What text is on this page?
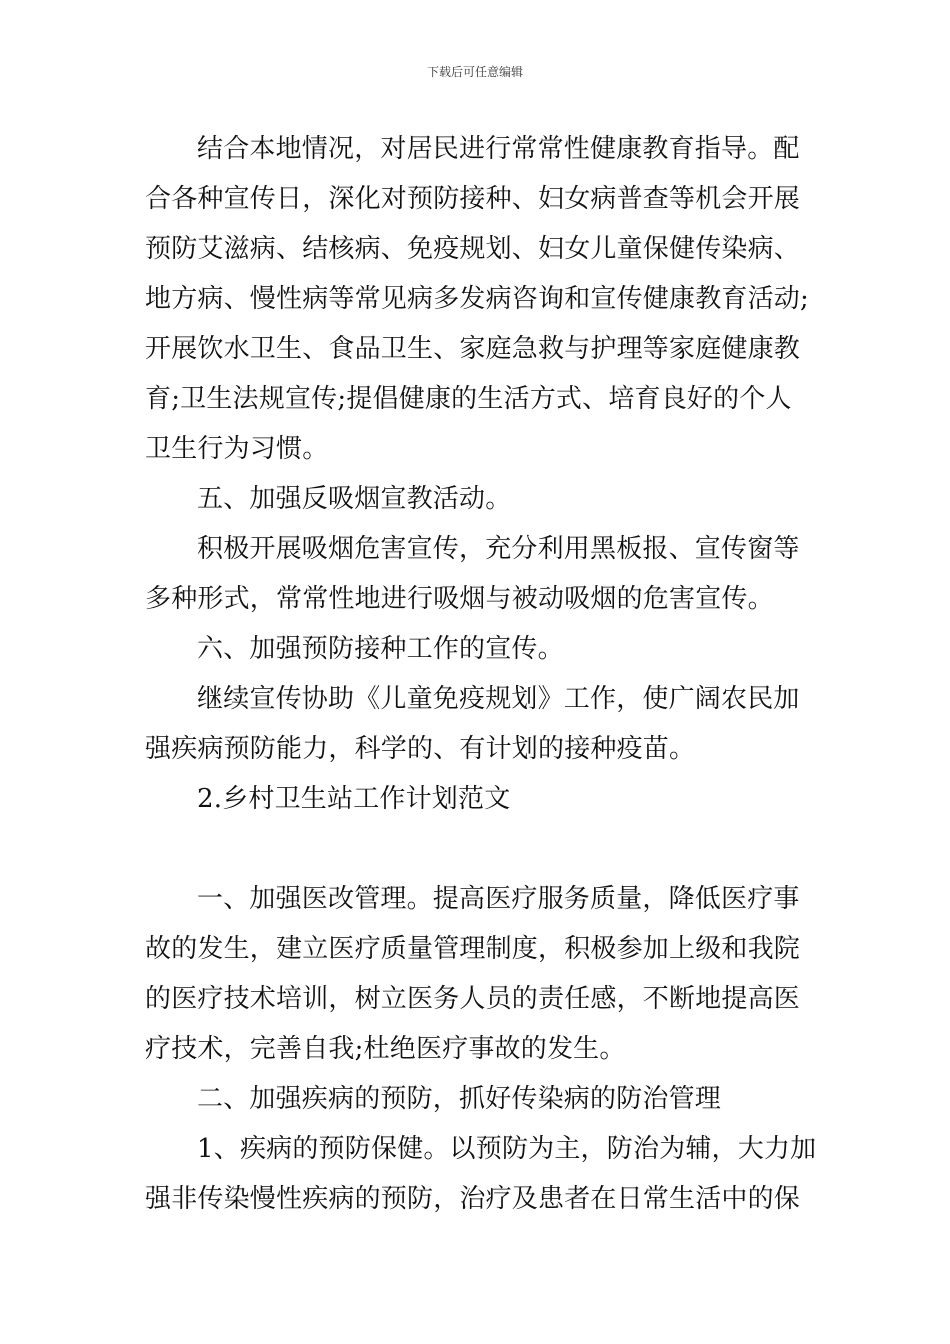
下载后可任意编辑
结合本地情况，对居民进行常常性健康教育指导。配
合各种宣传日，深化对预防接种、妇女病普查等机会开展
预防艾滋病、结核病、免疫规划、妇女儿童保健传染病、
地方病、慢性病等常见病多发病咨询和宣传健康教育活动;
开展饮水卫生、食品卫生、家庭急救与护理等家庭健康教
育;卫生法规宣传;提倡健康的生活方式、培育良好的个人
卫生行为习惯。
五、加强反吸烟宣教活动。
积极开展吸烟危害宣传，充分利用黑板报、宣传窗等
多种形式，常常性地进行吸烟与被动吸烟的危害宣传。
六、加强预防接种工作的宣传。
继续宣传协助《儿童免疫规划》工作，使广阔农民加
强疾病预防能力，科学的、有计划的接种疫苗。
2.乡村卫生站工作计划范文
一、加强医改管理。提高医疗服务质量，降低医疗事
故的发生，建立医疗质量管理制度，积极参加上级和我院
的医疗技术培训，树立医务人员的责任感，不断地提高医
疗技术，完善自我;杜绝医疗事故的发生。
二、加强疾病的预防，抓好传染病的防治管理
1、疾病的预防保健。以预防为主，防治为辅，大力加
强非传染慢性疾病的预防，治疗及患者在日常生活中的保
